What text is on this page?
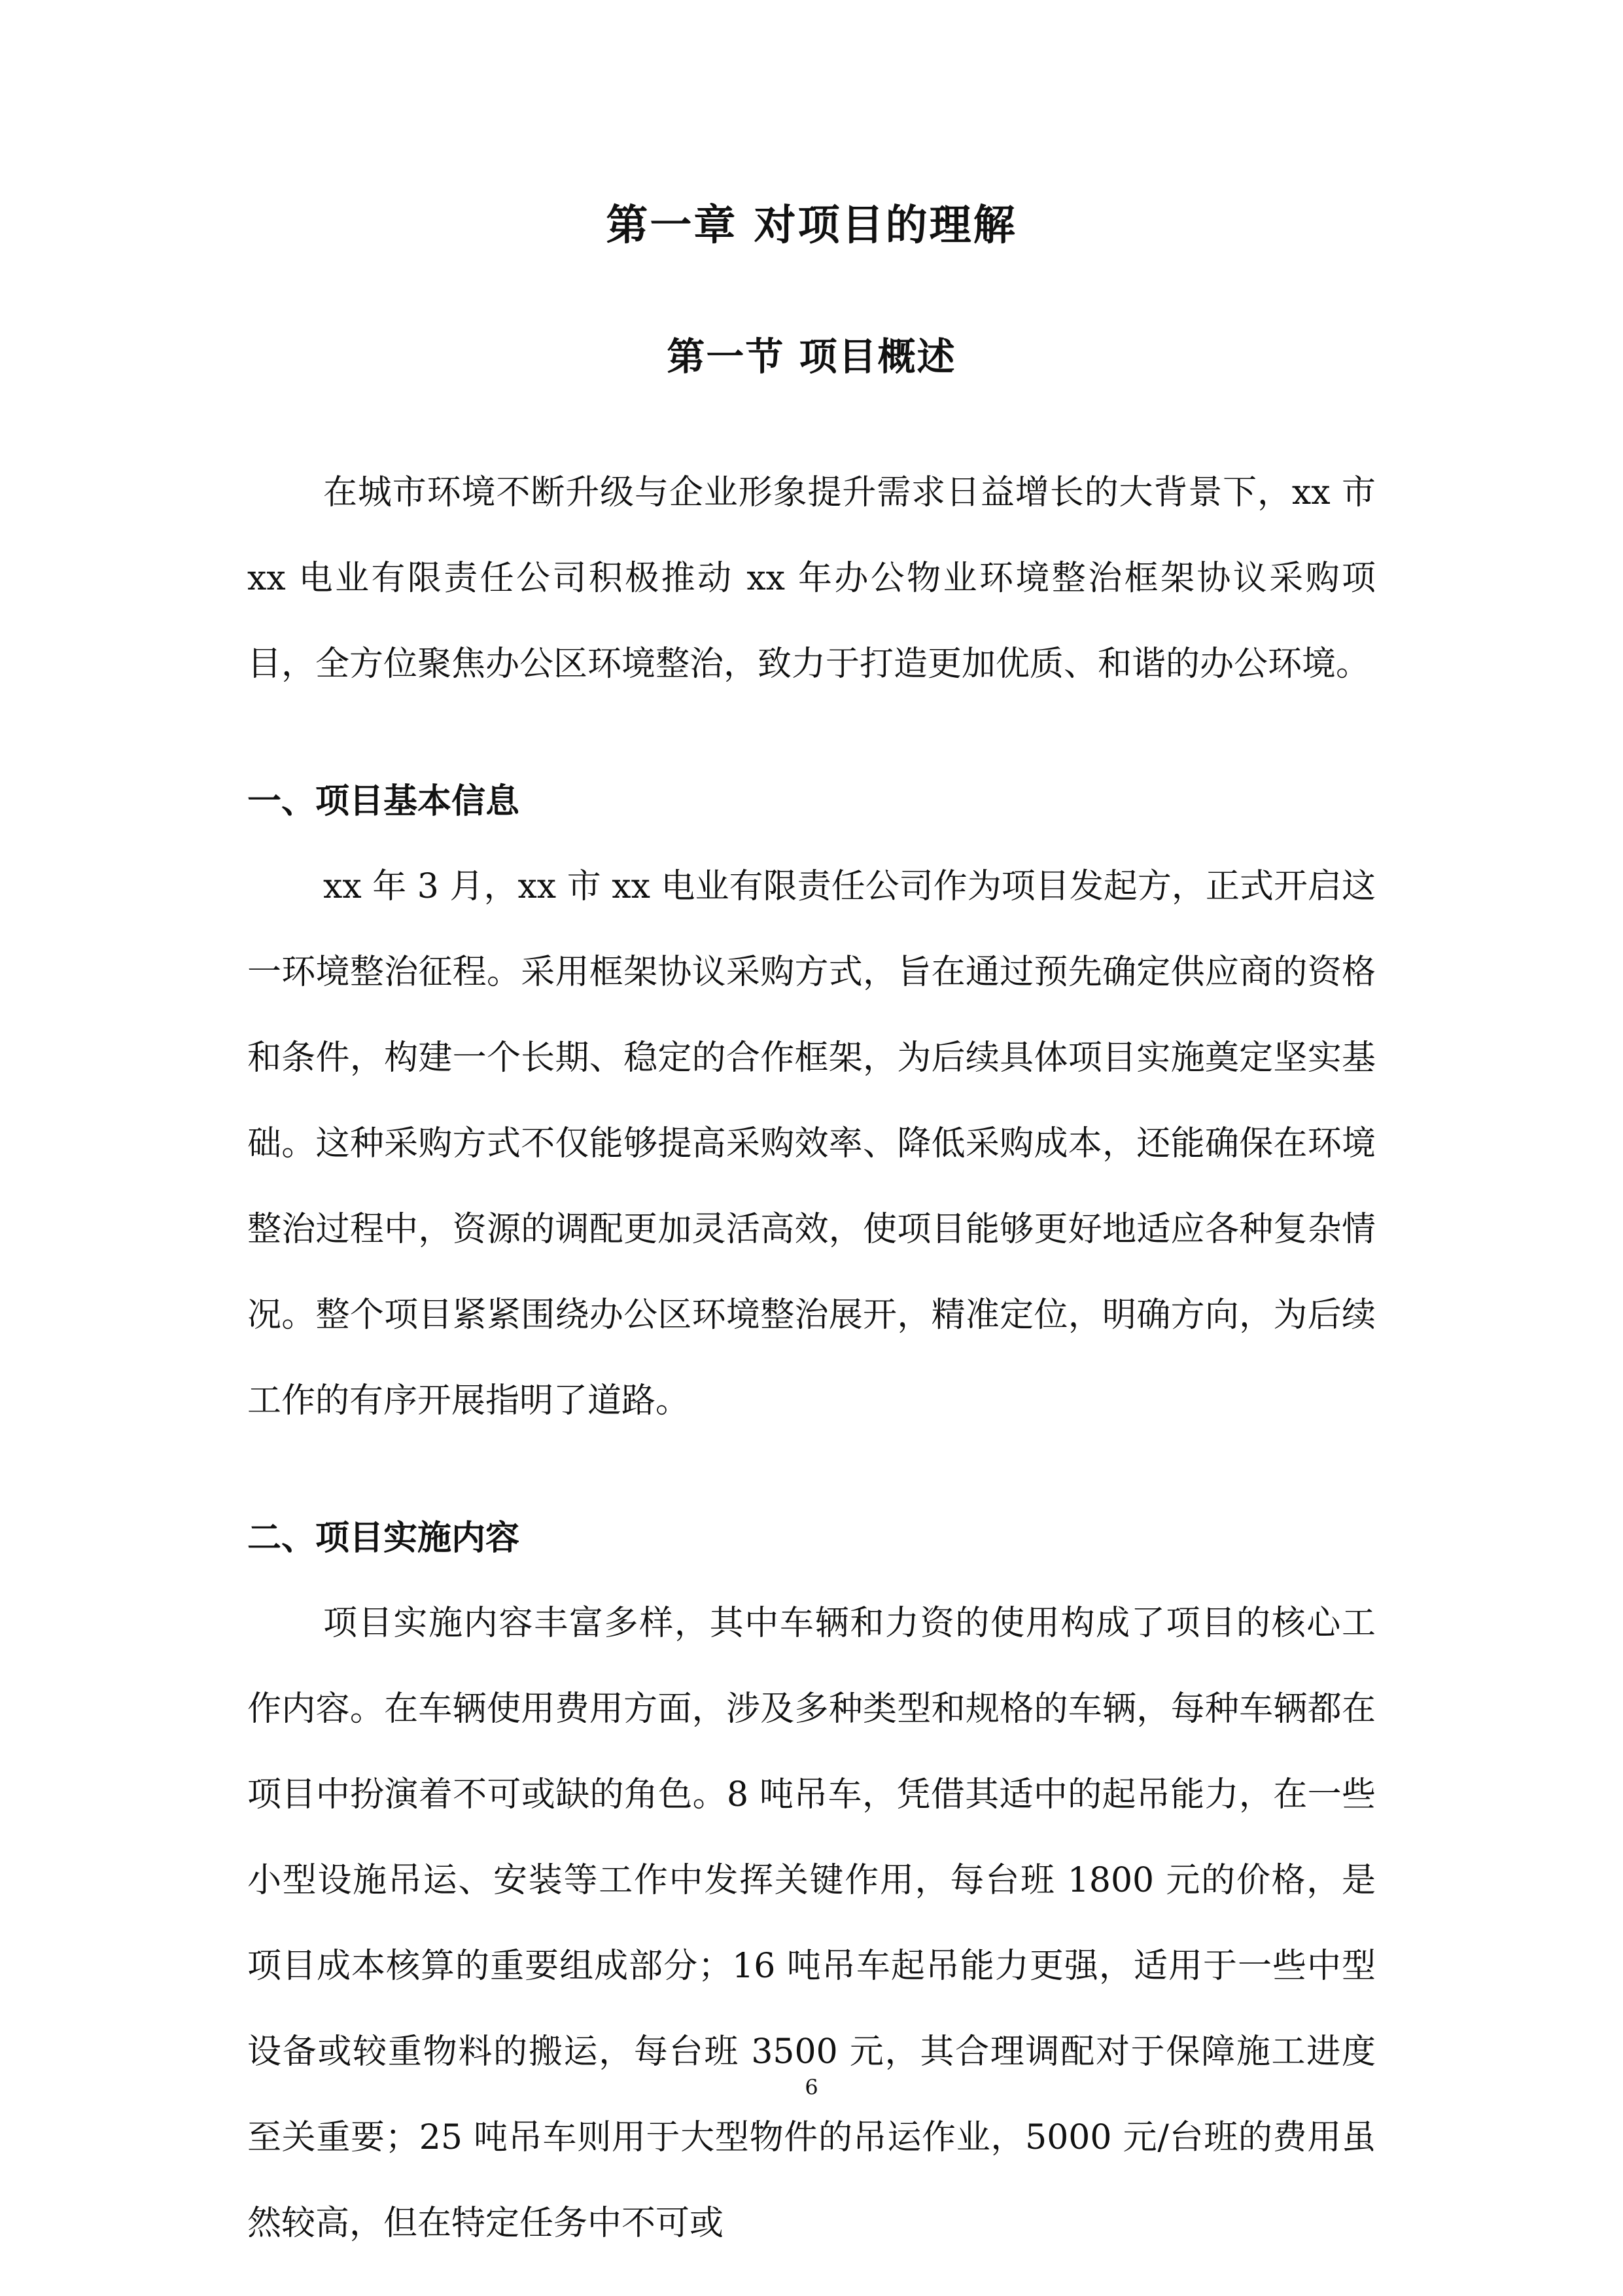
第一章 对项目的理解
第一节 项目概述

在城市环境不断升级与企业形象提升需求日益增长的大背景下，xx 市 xx 电业有限责任公司积极推动 xx 年办公物业环境整治框架协议采购项目，全方位聚焦办公区环境整治，致力于打造更加优质、和谐的办公环境。

一、项目基本信息

xx 年 3 月，xx 市 xx 电业有限责任公司作为项目发起方，正式开启这一环境整治征程。采用框架协议采购方式，旨在通过预先确定供应商的资格和条件，构建一个长期、稳定的合作框架，为后续具体项目实施奠定坚实基础。这种采购方式不仅能够提高采购效率、降低采购成本，还能确保在环境整治过程中，资源的调配更加灵活高效，使项目能够更好地适应各种复杂情况。整个项目紧紧围绕办公区环境整治展开，精准定位，明确方向，为后续工作的有序开展指明了道路。

二、项目实施内容

项目实施内容丰富多样，其中车辆和力资的使用构成了项目的核心工作内容。在车辆使用费用方面，涉及多种类型和规格的车辆，每种车辆都在项目中扮演着不可或缺的角色。8 吨吊车，凭借其适中的起吊能力，在一些小型设施吊运、安装等工作中发挥关键作用，每台班 1800 元的价格，是项目成本核算的重要组成部分；16 吨吊车起吊能力更强，适用于一些中型设备或较重物料的搬运，每台班 3500 元，其合理调配对于保障施工进度至关重要；25 吨吊车则用于大型物件的吊运作业，5000 元/台班的费用虽然较高，但在特定任务中不可或

6
